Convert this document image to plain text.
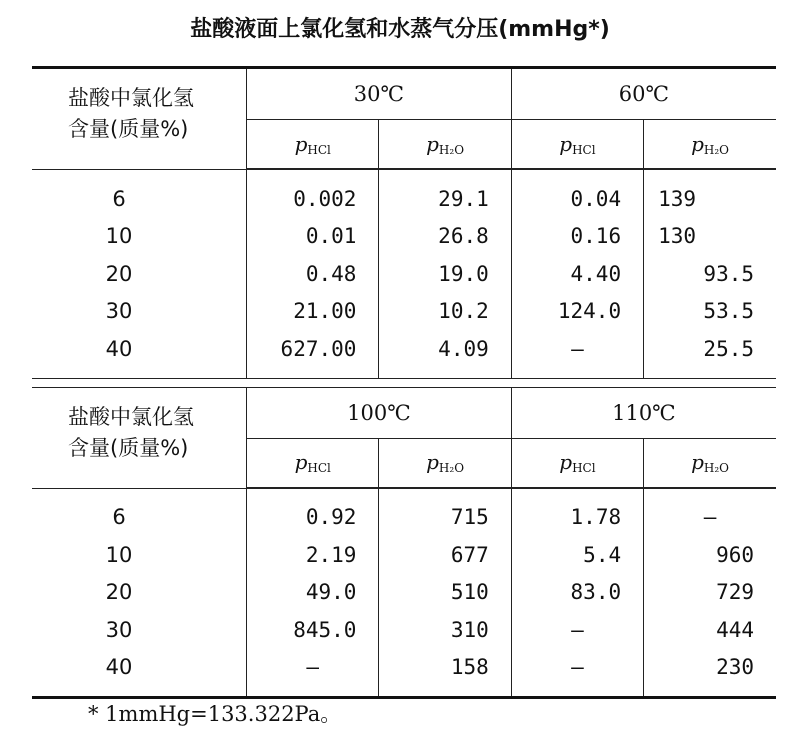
盐酸液面上氯化氢和水蒸气分压(mmHg*)
盐酸中氯化氢
含量(质量%)	30℃		60℃	
	$p_{HCl}$	$p_{H_2O}$	$p_{HCl}$	$p_{H_2O}$

6	0.002	29.1	0.04	139
10	0.01	26.8	0.16	130
20	0.48	19.0	4.40	93.5
30	21.00	10.2	124.0	53.5
40	627.00	4.09	—	25.5
盐酸中氯化氢
含量(质量%)	100℃		110℃	
	$p_{HCl}$	$p_{H_2O}$	$p_{HCl}$	$p_{H_2O}$

6	0.92	715	1.78	—
10	2.19	677	5.4	960
20	49.0	510	83.0	729
30	845.0	310	—	444
40	—	158	—	230
* 1mmHg=133.322Pa。
